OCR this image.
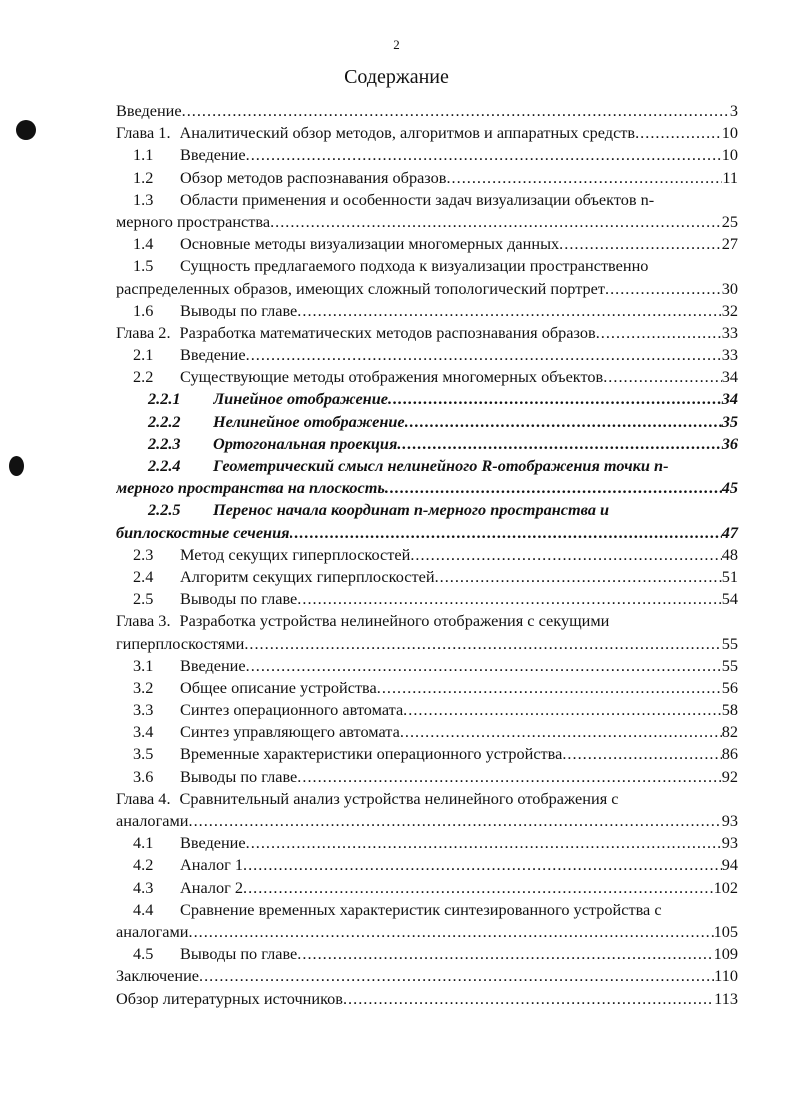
2
Содержание
Введение .....	3
Глава 1. Аналитический обзор методов, алгоритмов и аппаратных средств .....	10
1.1	Введение .....	10
1.2	Обзор методов распознавания образов .....	11
1.3 Области применения и особенности задач визуализации объектов n-
мерного пространства .....	25
1.4	Основные методы визуализации многомерных данных .....	27
1.5 Сущность предлагаемого подхода к визуализации пространственно
распределенных образов, имеющих сложный топологический портрет .....	30
1.6	Выводы по главе .....	32
Глава 2. Разработка математических методов распознавания образов .....	33
2.1	Введение .....	33
2.2	Существующие методы отображения многомерных объектов .....	34
2.2.1	Линейное отображение .....	34
2.2.2	Нелинейное отображение .....	35
2.2.3	Ортогональная проекция .....	36
2.2.4 Геометрический смысл нелинейного R-отображения точки n-
мерного пространства на плоскость .....	45
2.2.5 Перенос начала координат n-мерного пространства и
биплоскостные сечения .....	47
2.3	Метод секущих гиперплоскостей .....	48
2.4	Алгоритм секущих гиперплоскостей .....	51
2.5	Выводы по главе .....	54
Глава 3. Разработка устройства нелинейного отображения с секущими
гиперплоскостями .....	55
3.1	Введение .....	55
3.2	Общее описание устройства .....	56
3.3	Синтез операционного автомата .....	58
3.4	Синтез управляющего автомата .....	82
3.5	Временные характеристики операционного устройства .....	86
3.6	Выводы по главе .....	92
Глава 4. Сравнительный анализ устройства нелинейного отображения с
аналогами .....	93
4.1	Введение .....	93
4.2	Аналог 1 .....	94
4.3	Аналог 2 .....	102
4.4 Сравнение временных характеристик синтезированного устройства с
аналогами .....	105
4.5	Выводы по главе .....	109
Заключение .....	110
Обзор литературных источников .....	113
